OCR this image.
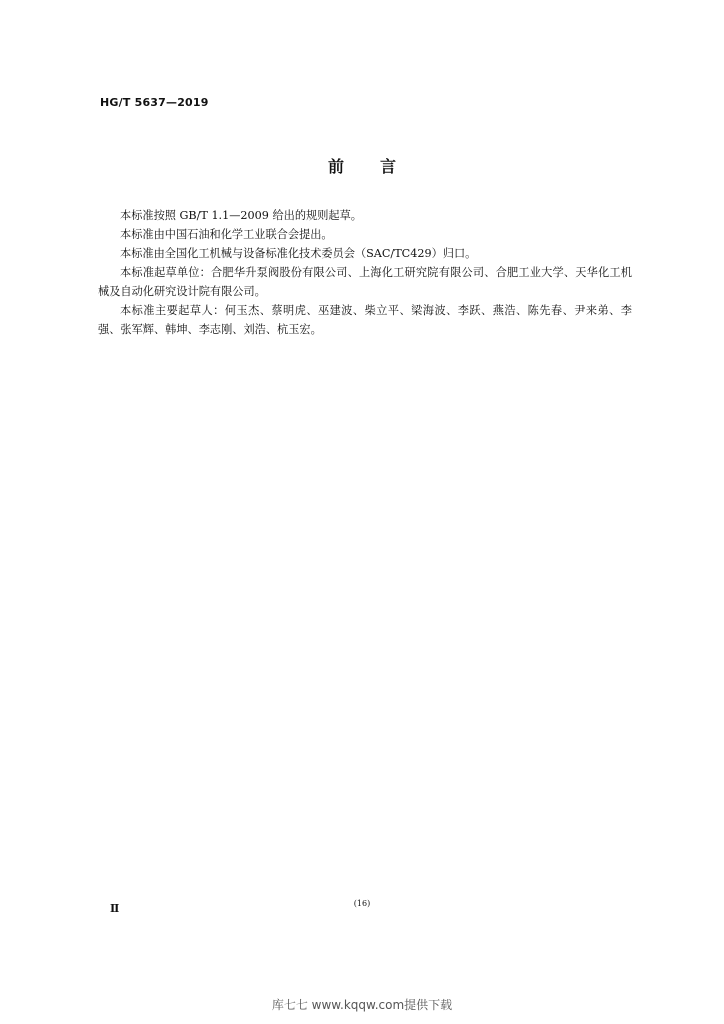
HG/T 5637—2019
前言

本标准按照 GB/T 1.1—2009 给出的规则起草。

本标准由中国石油和化学工业联合会提出。

本标准由全国化工机械与设备标准化技术委员会（SAC/TC429）归口。

本标准起草单位：合肥华升泵阀股份有限公司、上海化工研究院有限公司、合肥工业大学、天华化工机械及自动化研究设计院有限公司。

本标准主要起草人：何玉杰、蔡明虎、巫建波、柴立平、梁海波、李跃、燕浩、陈先春、尹来弟、李强、张军辉、韩坤、李志刚、刘浩、杭玉宏。

Ⅱ	(16)
库七七 www.kqqw.com提供下载
